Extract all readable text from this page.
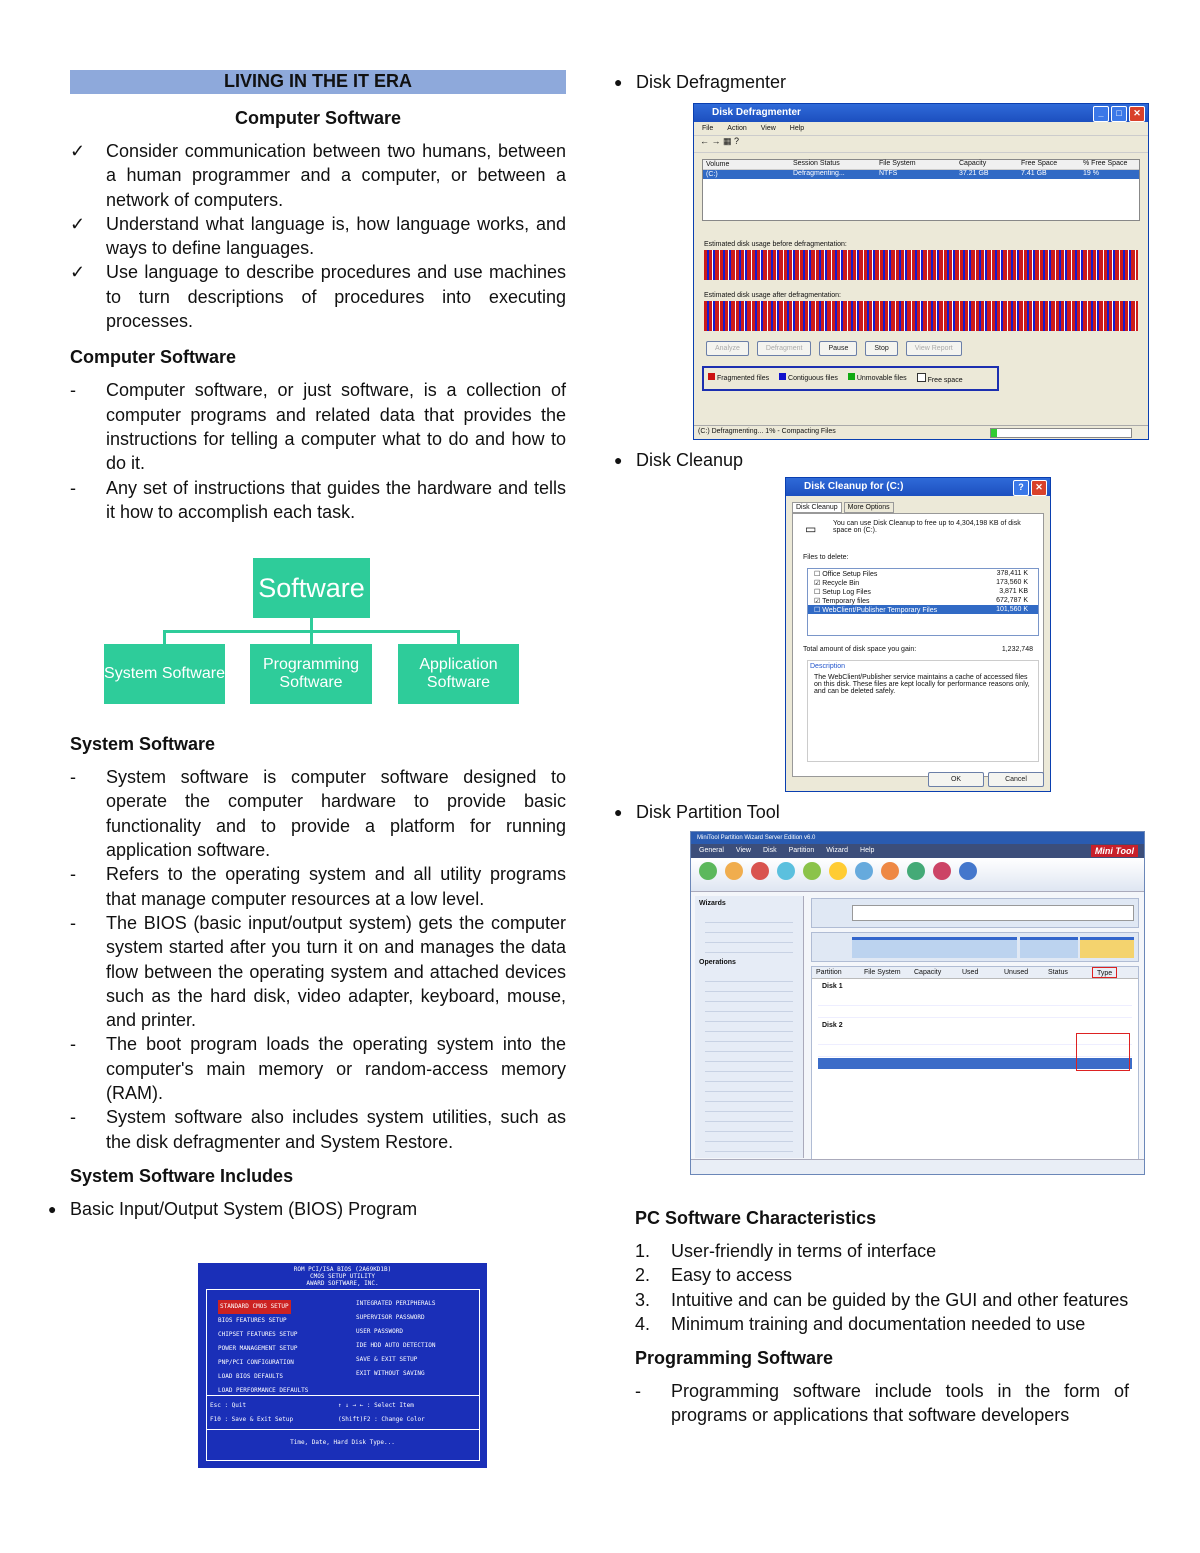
LIVING IN THE IT ERA
Computer Software
✓ Consider communication between two humans, between a human programmer and a computer, or between a network of computers.
✓ Understand what language is, how language works, and ways to define languages.
✓ Use language to describe procedures and use machines to turn descriptions of procedures into executing processes.
Computer Software
- Computer software, or just software, is a collection of computer programs and related data that provides the instructions for telling a computer what to do and how to do it.
- Any set of instructions that guides the hardware and tells it how to accomplish each task.
Software
System Software
Programming Software
Application Software
System Software
- System software is computer software designed to operate the computer hardware to provide basic functionality and to provide a platform for running application software.
- Refers to the operating system and all utility programs that manage computer resources at a low level.
- The BIOS (basic input/output system) gets the computer system started after you turn it on and manages the data flow between the operating system and attached devices such as the hard disk, video adapter, keyboard, mouse, and printer.
- The boot program loads the operating system into the computer's main memory or random-access memory (RAM).
- System software also includes system utilities, such as the disk defragmenter and System Restore.
System Software Includes
● Basic Input/Output System (BIOS) Program
ROM PCI/ISA BIOS (2A69KD1B)
CMOS SETUP UTILITY
AWARD SOFTWARE, INC.
STANDARD CMOS SETUP
BIOS FEATURES SETUP
CHIPSET FEATURES SETUP
POWER MANAGEMENT SETUP
PNP/PCI CONFIGURATION
LOAD BIOS DEFAULTS
LOAD PERFORMANCE DEFAULTS
INTEGRATED PERIPHERALS
SUPERVISOR PASSWORD
USER PASSWORD
IDE HDD AUTO DETECTION
SAVE & EXIT SETUP
EXIT WITHOUT SAVING
Esc : Quit
F10 : Save & Exit Setup
↑ ↓ → ← : Select Item
(Shift)F2 : Change Color
Time, Date, Hard Disk Type...
● Disk Defragmenter
Disk Defragmenter	_	□	✕
File Action View Help
← → ▦ ?
Volume	Session Status	File System	Capacity	Free Space	% Free Space
(C:)	Defragmenting...	NTFS	37.21 GB	7.41 GB	19 %
Estimated disk usage before defragmentation:
Estimated disk usage after defragmentation:
Analyze	Defragment	Pause	Stop	View Report
Fragmented files	Contiguous files	Unmovable files	Free space
(C:) Defragmenting... 1% - Compacting Files
● Disk Cleanup
Disk Cleanup for (C:)	?	✕
Disk Cleanup	More Options
You can use Disk Cleanup to free up to 4,304,198 KB of disk space on (C:).
▭
Files to delete:
☐ Office Setup Files	378,411 K
☑ Recycle Bin	173,560 K
☐ Setup Log Files	3,871 KB
☑ Temporary files	672,787 K
☐ WebClient/Publisher Temporary Files	101,560 K
Total amount of disk space you gain:	1,232,748
Description
The WebClient/Publisher service maintains a cache of accessed files on this disk. These files are kept locally for performance reasons only, and can be deleted safely.
OK	Cancel
● Disk Partition Tool
MiniTool Partition Wizard Server Edition v6.0
General View Disk Partition Wizard Help	Mini Tool
Wizards
Operations
Partition	File System	Capacity	Used	Unused	Status	Type
Disk 1
Disk 2
PC Software Characteristics
1. User-friendly in terms of interface
2. Easy to access
3. Intuitive and can be guided by the GUI and other features
4. Minimum training and documentation needed to use
Programming Software
- Programming software include tools in the form of programs or applications that software developers
